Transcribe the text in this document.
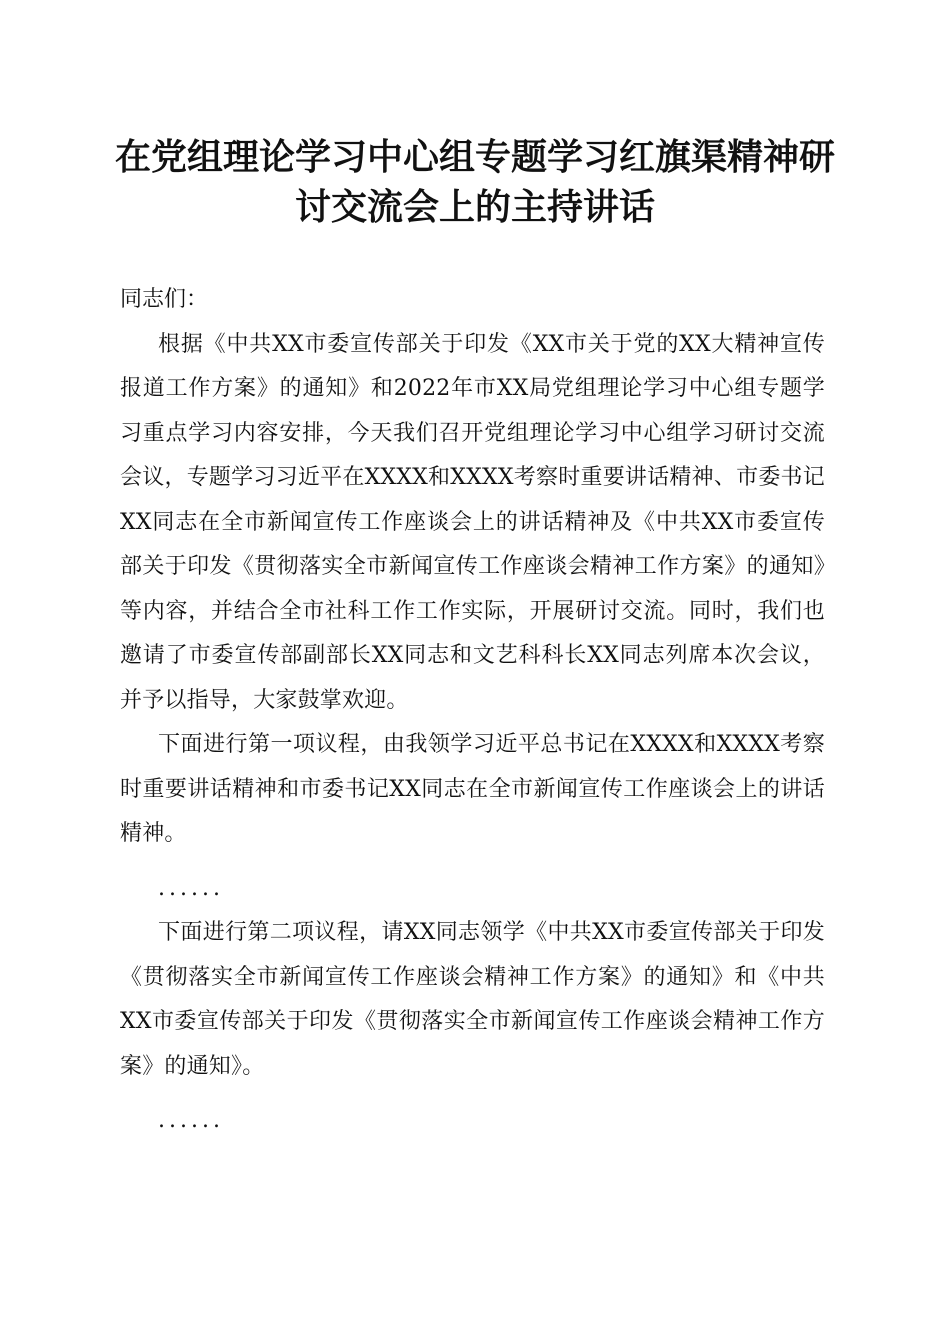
在党组理论学习中心组专题学习红旗渠精神研讨交流会上的主持讲话

同志们：

根据《中共XX市委宣传部关于印发《XX市关于党的XX大精神宣传报道工作方案》的通知》和2022年市XX局党组理论学习中心组专题学习重点学习内容安排，今天我们召开党组理论学习中心组学习研讨交流会议，专题学习习近平在XXXX和XXXX考察时重要讲话精神、市委书记XX同志在全市新闻宣传工作座谈会上的讲话精神及《中共XX市委宣传部关于印发《贯彻落实全市新闻宣传工作座谈会精神工作方案》的通知》等内容，并结合全市社科工作工作实际，开展研讨交流。同时，我们也邀请了市委宣传部副部长XX同志和文艺科科长XX同志列席本次会议，并予以指导，大家鼓掌欢迎。

下面进行第一项议程，由我领学习近平总书记在XXXX和XXXX考察时重要讲话精神和市委书记XX同志在全市新闻宣传工作座谈会上的讲话精神。

......

下面进行第二项议程，请XX同志领学《中共XX市委宣传部关于印发《贯彻落实全市新闻宣传工作座谈会精神工作方案》的通知》和《中共XX市委宣传部关于印发《贯彻落实全市新闻宣传工作座谈会精神工作方案》的通知》。

......
